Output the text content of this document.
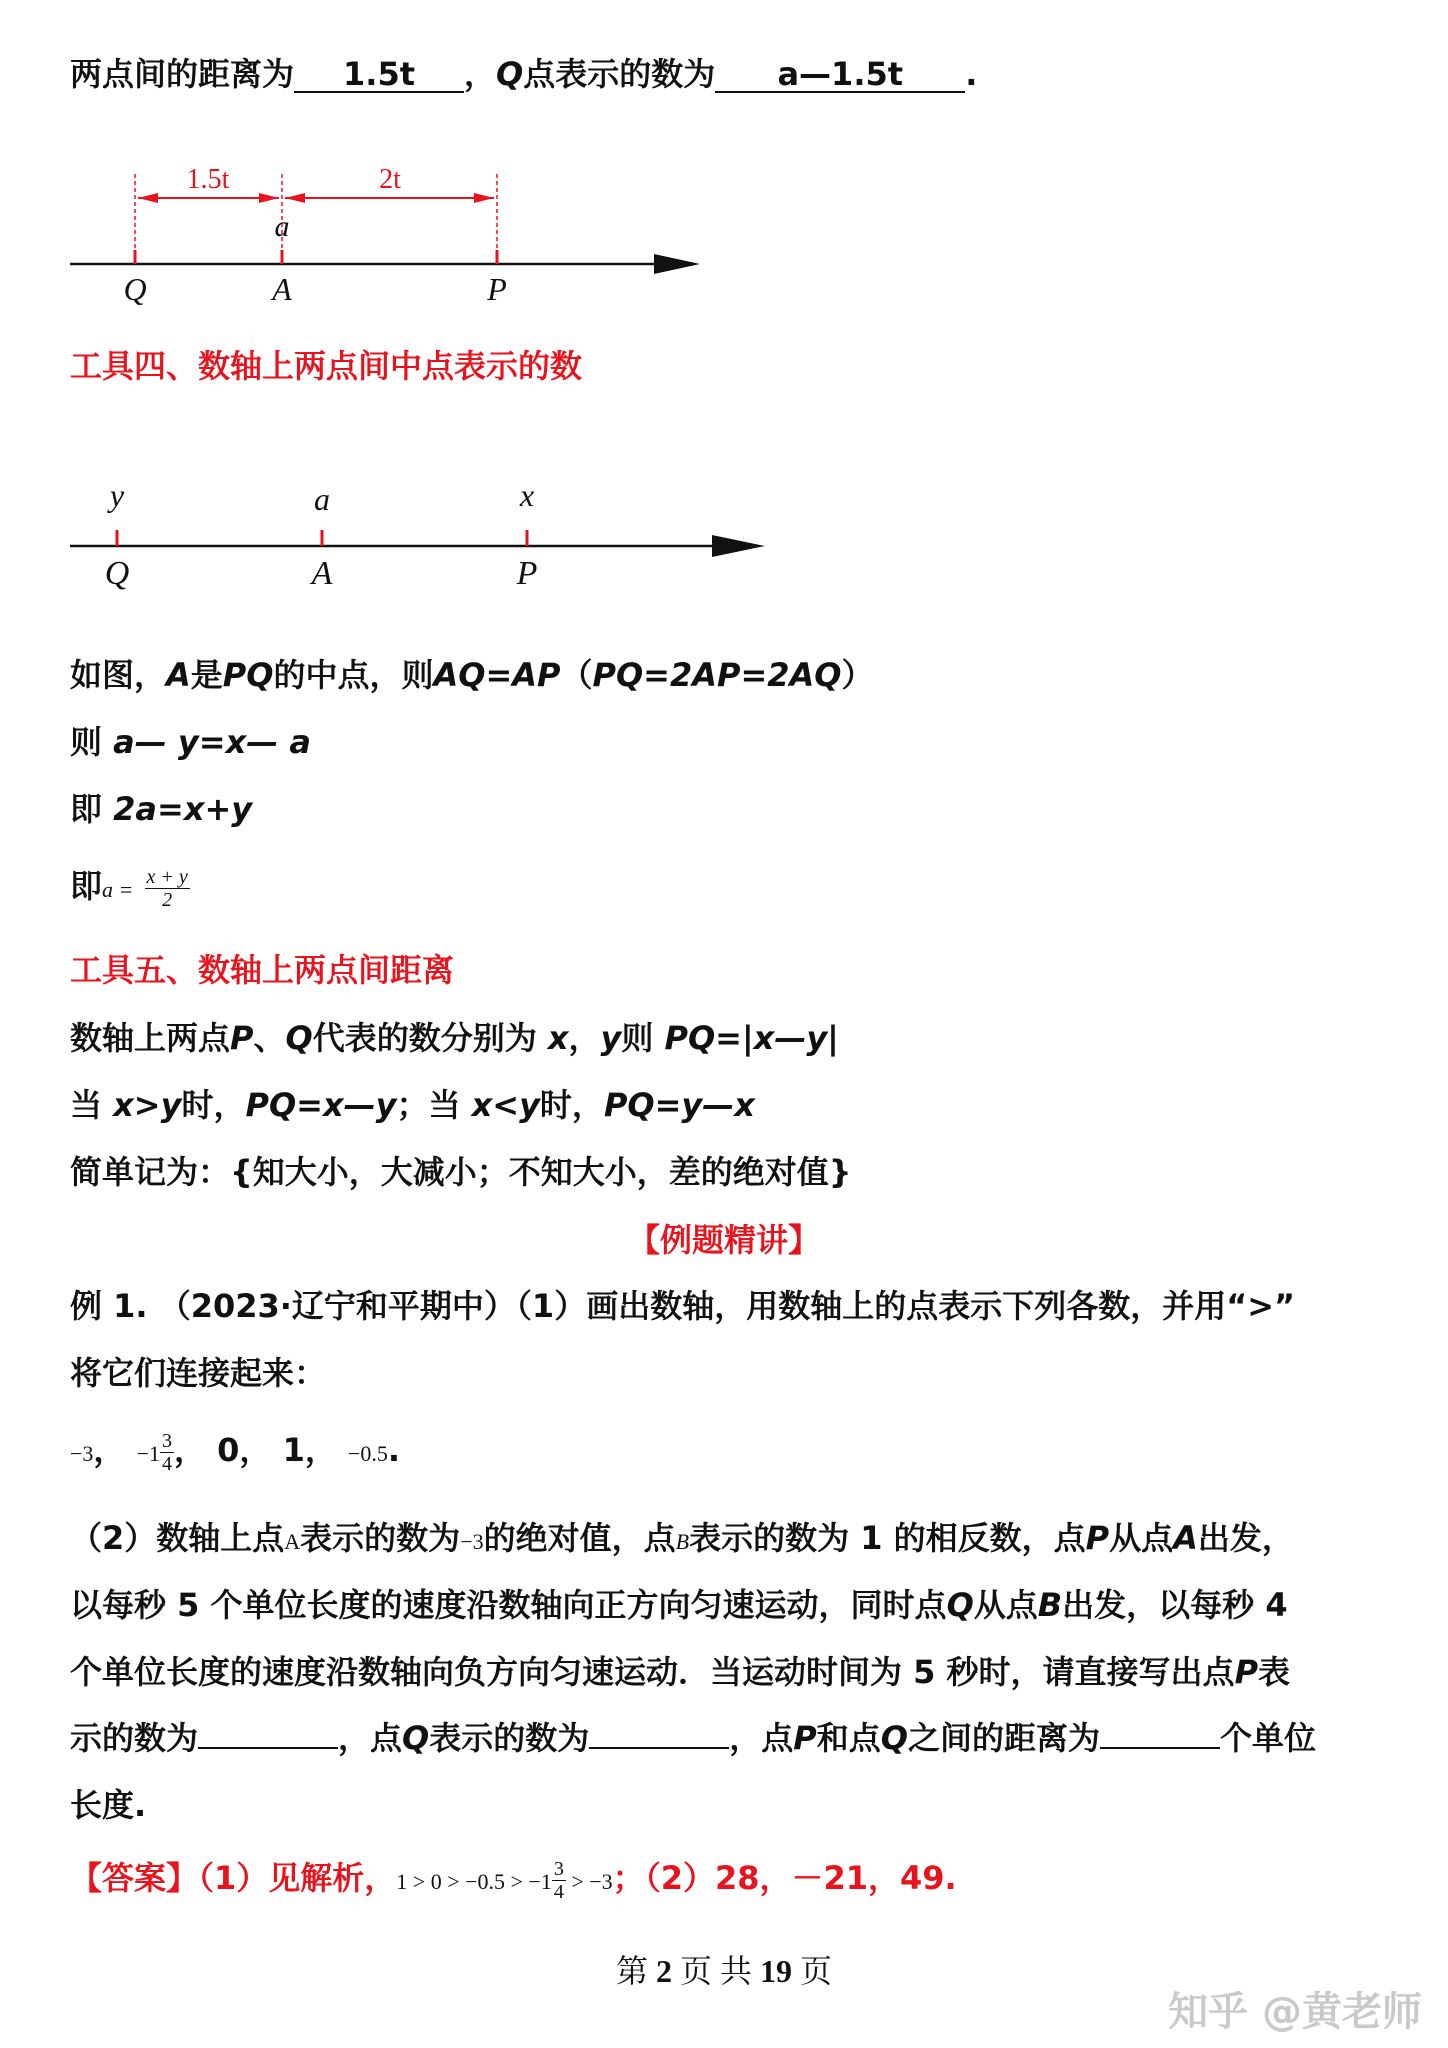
两点间的距离为 1.5t ，Q点表示的数为 a—1.5t .
1.5t	2t
a
Q	A	P
工具四、数轴上两点间中点表示的数
y	a	x
Q	A	P
如图，A是PQ的中点，则AQ=AP（PQ=2AP=2AQ）
则 a— y=x— a
即 2a=x+y
即$a = \frac{x + y}{2}$
工具五、数轴上两点间距离
数轴上两点P、Q代表的数分别为 x，y则 PQ=|x—y|
当 x>y时，PQ=x—y；当 x<y时，PQ=y—x
简单记为：{知大小，大减小；不知大小，差的绝对值}
【例题精讲】
例 1. （2023·辽宁和平期中）（1）画出数轴，用数轴上的点表示下列各数，并用“>”
将它们连接起来：
−3， $-1 \frac{3}{4}$ ， 0， 1， −0.5.
（2）数轴上点A表示的数为−3的绝对值，点B表示的数为 1 的相反数，点P从点A出发，
以每秒 5 个单位长度的速度沿数轴向正方向匀速运动，同时点Q从点B出发，以每秒 4
个单位长度的速度沿数轴向负方向匀速运动．当运动时间为 5 秒时，请直接写出点P表
示的数为	，点Q表示的数为	，点P和点Q之间的距离为	个单位
长度.
【答案】（1）见解析，$1 > 0 > -0.5 > -1 \frac{3}{4} > -3$；（2）28，－21，49.
第 2 页 共 19 页
知乎 @黄老师
